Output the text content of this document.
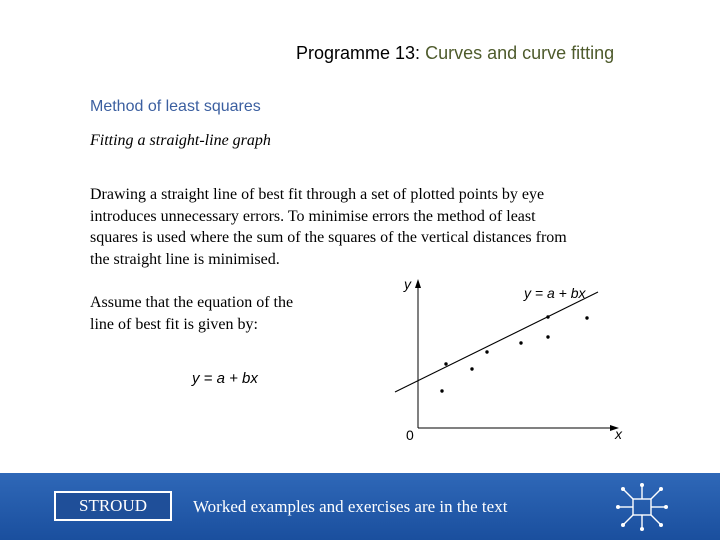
Programme 13: Curves and curve fitting
Method of least squares
Fitting a straight-line graph
Drawing a straight line of best fit through a set of plotted points by eye
introduces unnecessary errors. To minimise errors the method of least
squares is used where the sum of the squares of the vertical distances from
the straight line is minimised.
Assume that the equation of the
line of best fit is given by:
y = a + bx
y
x
0
y = a + bx
STROUD	Worked examples and exercises are in the text
